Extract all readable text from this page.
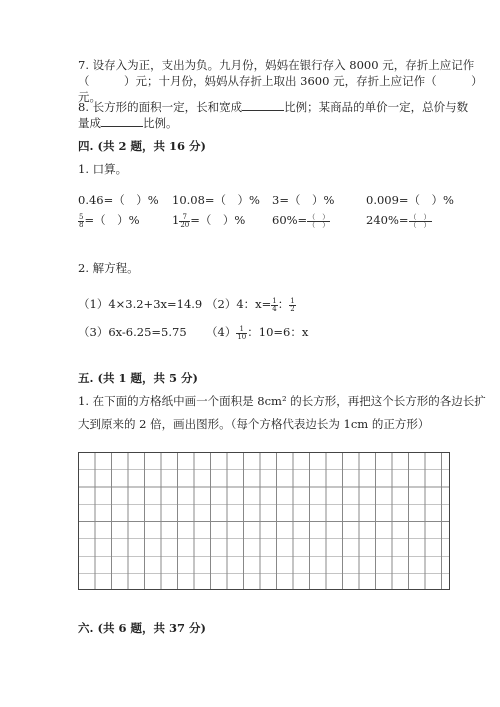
7. 设存入为正，支出为负。九月份，妈妈在银行存入 8000 元，存折上应记作
（　　　）元；十月份，妈妈从存折上取出 3600 元，存折上应记作（　　　）
元。
8. 长方形的面积一定，长和宽成	比例；某商品的单价一定，总价与数
量成	比例。
四. (共 2 题，共 16 分)
1. 口算。
0.46=（　）% 10.08=（　）% 3=（　）%	0.009=（　）%
$\frac{5}{8}$ =（　）%	$1 \frac{7}{20}$ =（　）% $60\%= \frac{( )}{( )}$	$240\%= \frac{( )}{( )}$
2. 解方程。
（1）4×3.2+3x=14.9 （2）4：$x= \frac{1}{4}$ ： $\frac{1}{2}$
（3）6x-6.25=5.75 $(4) \frac{1}{10}$ ：10=6：x
五. (共 1 题，共 5 分)
1. 在下面的方格纸中画一个面积是 8cm² 的长方形，再把这个长方形的各边长扩
大到原来的 2 倍，画出图形。（每个方格代表边长为 1cm 的正方形）
六. (共 6 题，共 37 分)
